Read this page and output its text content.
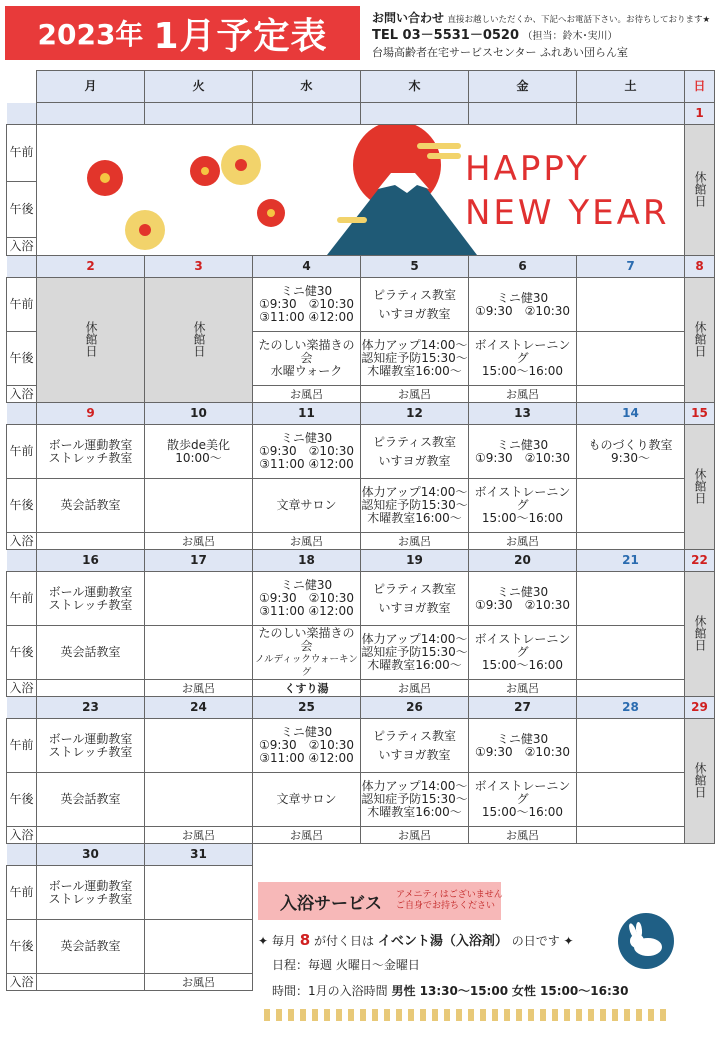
2023年 1月予定表	お問い合わせ 直接お越しいただくか、下記へお電話下さい。お待ちしております★
TEL 03－5531－0520 （担当：鈴木･実川）
台場高齢者在宅サービスセンター ふれあい団らん室
	月	火	水	木	金	土	日
							1
午前	HAPPY
NEW YEAR						休館日
午後							
入浴							
	2	3	4	5	6	7	8
午前	休館日	休館日	ミニ健30
①9:30　②10:30
③11:00 ④12:00	ピラティス教室
いすヨガ教室	ミニ健30
①9:30　②10:30		休館日
午後			たのしい楽描きの会
水曜ウォーク	体力アップ14:00～
認知症予防15:30～
木曜教室16:00～	ボイストレーニング
15:00～16:00		

入浴			お風呂	お風呂	お風呂		
	9	10	11	12	13	14	15
午前	ボール運動教室
ストレッチ教室	散歩de美化
10:00～	ミニ健30
①9:30　②10:30
③11:00 ④12:00	ピラティス教室
いすヨガ教室	ミニ健30
①9:30　②10:30	ものづくり教室
9:30～	休館日
午後	英会話教室		文章サロン	体力アップ14:00～
認知症予防15:30～
木曜教室16:00～	ボイストレーニング
15:00～16:00		

入浴		お風呂	お風呂	お風呂	お風呂		
	16	17	18	19	20	21	22
午前	ボール運動教室
ストレッチ教室		ミニ健30
①9:30　②10:30
③11:00 ④12:00	ピラティス教室
いすヨガ教室	ミニ健30
①9:30　②10:30		休館日
午後	英会話教室		たのしい楽描きの会
ノルディックウォーキング	体力アップ14:00～
認知症予防15:30～
木曜教室16:00～	ボイストレーニング
15:00～16:00		

入浴		お風呂	くすり湯	お風呂	お風呂		
	23	24	25	26	27	28	29
午前	ボール運動教室
ストレッチ教室		ミニ健30
①9:30　②10:30
③11:00 ④12:00	ピラティス教室
いすヨガ教室	ミニ健30
①9:30　②10:30		休館日
午後	英会話教室		文章サロン	体力アップ14:00～
認知症予防15:30～
木曜教室16:00～	ボイストレーニング
15:00～16:00		

入浴		お風呂	お風呂	お風呂	お風呂		
	30	31					
午前	ボール運動教室
ストレッチ教室						

午後	英会話教室						
入浴		お風呂					
入浴サービス アメニティはございません
ご自身でお持ちください
✦ 毎月 8 が付く日は イベント湯（入浴剤） の日です ✦
日程：毎週 火曜日～金曜日
時間：1月の入浴時間 男性 13:30～15:00 女性 15:00～16:30
